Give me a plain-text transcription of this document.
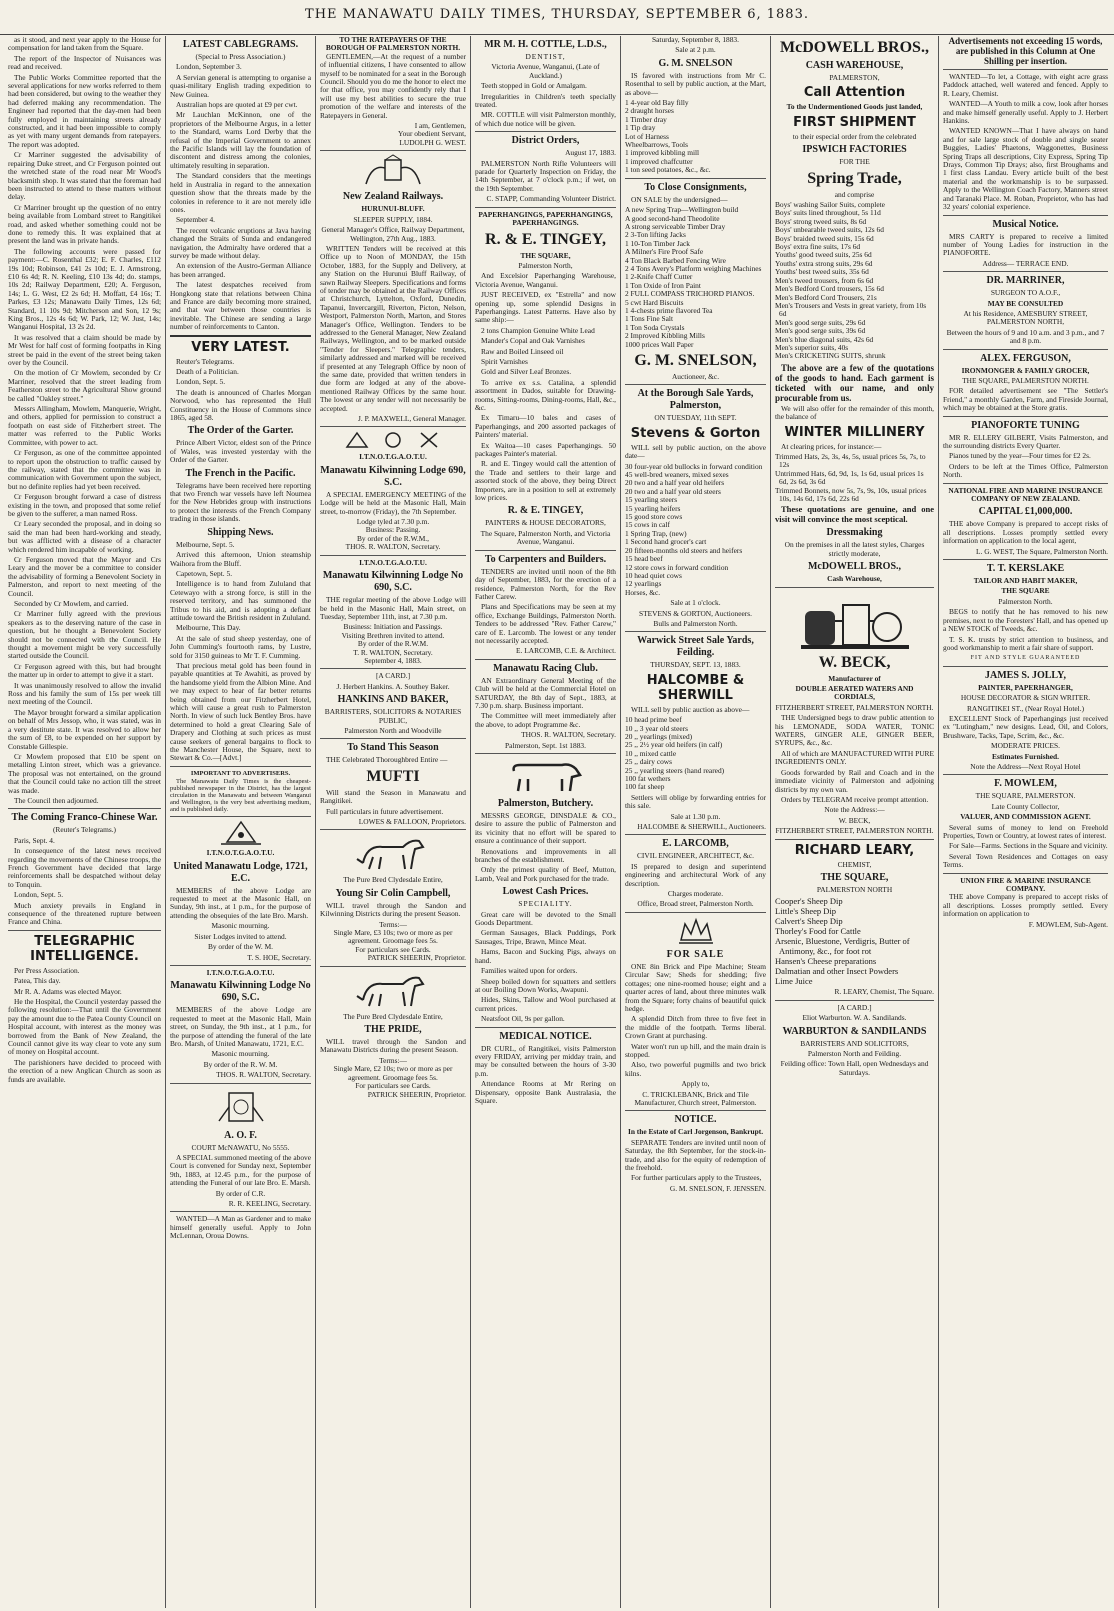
THE MANAWATU DAILY TIMES, THURSDAY, SEPTEMBER 6, 1883.

as it stood, and next year apply to the House for compensation for land taken from the Square.

The report of the Inspector of Nuisances was read and received.

The Public Works Committee reported that the several applications for new works referred to them had been considered, but owing to the weather they had deferred making any recommendation. The Engineer had reported that the day-men had been fully employed in maintaining streets already constructed, and it had been impossible to comply as yet with many urgent demands from ratepayers. The report was adopted.

Cr Marriner suggested the advisability of repairing Duke street, and Cr Ferguson pointed out the wretched state of the road near Mr Wood's blacksmith shop. It was stated that the foreman had been instructed to attend to these matters without delay.

Cr Marriner brought up the question of no entry being available from Lombard street to Rangitikei road, and asked whether something could not be done to remedy this. It was explained that at present the land was in private hands.

The following accounts were passed for payment:—C. Rosenthal £32; E. F. Charles, £112 19s 10d; Robinson, £41 2s 10d; E. J. Armstrong, £10 6s 4d; R. N. Keeling, £10 13s 4d; do. stamps, 10s 2d; Railway Department, £20; A. Ferguson, 14s; L. G. West, £2 2s 6d; H. Moffatt, £4 16s; T. Parkes, £3 12s; Manawatu Daily Times, 12s 6d; Standard, 11 10s 9d; Mitcherson and Son, 12 9s; King Bros., 12s 4s 6d; W. Park, 12; W. Just, 14s; Wanganui Hospital, 13 2s 2d.

It was resolved that a claim should be made by Mr West for half cost of forming footpaths in King street be paid in the event of the street being taken over by the Council.

On the motion of Cr Mowlem, seconded by Cr Marriner, resolved that the street leading from Featherston street to the Agricultural Show ground be called "Oakley street."

Messrs Allingham, Mowlem, Manquerie, Wright, and others, applied for permission to construct a footpath on east side of Fitzherbert street. The matter was referred to the Public Works Committee, with power to act.

Cr Ferguson, as one of the committee appointed to report upon the obstruction to traffic caused by the railway, stated that the committee was in communication with Government upon the subject, but no definite replies had yet been received.

Cr Ferguson brought forward a case of distress existing in the town, and proposed that some relief be given to the sufferer, a man named Ross.

Cr Leary seconded the proposal, and in doing so said the man had been hard-working and steady, but was afflicted with a disease of a character which rendered him incapable of working.

Cr Ferguson moved that the Mayor and Crs Leary and the mover be a committee to consider the advisability of forming a Benevolent Society in Palmerston, and report to next meeting of the Council.

Seconded by Cr Mowlem, and carried.

Cr Marriner fully agreed with the previous speakers as to the deserving nature of the case in question, but he thought a Benevolent Society should not be connected with the Council. He thought a movement might be very successfully started outside the Council.

Cr Ferguson agreed with this, but had brought the matter up in order to attempt to give it a start.

It was unanimously resolved to allow the invalid Ross and his family the sum of 15s per week till next meeting of the Council.

The Mayor brought forward a similar application on behalf of Mrs Jessop, who, it was stated, was in a very destitute state. It was resolved to allow her the sum of £8, to be expended on her support by Constable Gillespie.

Cr Mowlem proposed that £10 be spent on metalling Linton street, which was a grievance. The proposal was not entertained, on the ground that the Council could take no action till the street was made.

The Council then adjourned.

The Coming Franco-Chinese War.

(Reuter's Telegrams.)

Paris, Sept. 4.

In consequence of the latest news received regarding the movements of the Chinese troops, the French Government have decided that large reinforcements shall be despatched without delay to Tonquin.

London, Sept. 5.

Much anxiety prevails in England in consequence of the threatened rupture between France and China.

TELEGRAPHIC INTELLIGENCE.

Per Press Association.

Patea, This day.

Mr R. A. Adams was elected Mayor.

He the Hospital, the Council yesterday passed the following resolution:—That until the Government pay the amount due to the Patea County Council on Hospital account, with interest as the money was borrowed from the Bank of New Zealand, the Council cannot give its way clear to vote any sum of money on Hospital account.

The parishioners have decided to proceed with the erection of a new Anglican Church as soon as funds are available.

LATEST CABLEGRAMS.

(Special to Press Association.)

London, September 3.

A Servian general is attempting to organise a quasi-military English trading expedition to New Guinea.

Australian hops are quoted at £9 per cwt.

Mr Lauchlan McKinnon, one of the proprietors of the Melbourne Argus, in a letter to the Standard, warns Lord Derby that the refusal of the Imperial Government to annex the Pacific Islands will lay the foundation of discontent and distress among the colonies, ultimately resulting in separation.

The Standard considers that the meetings held in Australia in regard to the annexation question show that the threats made by the colonies in reference to it are not merely idle ones.

September 4.

The recent volcanic eruptions at Java having changed the Straits of Sunda and endangered navigation, the Admiralty have ordered that a survey be made without delay.

An extension of the Austro-German Alliance has been arranged.

The latest despatches received from Hongkong state that relations between China and France are daily becoming more strained, and that war between those countries is inevitable. The Chinese are sending a large number of reinforcements to Canton.

VERY LATEST.

Reuter's Telegrams.

Death of a Politician.

London, Sept. 5.

The death is announced of Charles Morgan Norwood, who has represented the Hull Constituency in the House of Commons since 1865, aged 58.

The Order of the Garter.

Prince Albert Victor, eldest son of the Prince of Wales, was invested yesterday with the Order of the Garter.

The French in the Pacific.

Telegrams have been received here reporting that two French war vessels have left Noumea for the New Hebrides group with instructions to protect the interests of the French Company trading in those islands.

Shipping News.

Melbourne, Sept. 5.

Arrived this afternoon, Union steamship Waihora from the Bluff.

Capetown, Sept. 5.

Intelligence is to hand from Zululand that Cetewayo with a strong force, is still in the reserved territory, and has summoned the Tribus to his aid, and is adopting a defiant attitude toward the British resident in Zululand.

Melbourne, This Day.

At the sale of stud sheep yesterday, one of John Cumming's fourtooth rams, by Lustre, sold for 3150 guineas to Mr T. F. Cumming.

That precious metal gold has been found in payable quantities at Te Awahiti, as proved by the handsome yield from the Albion Mine. And we may expect to hear of far better returns being obtained from our Fitzherbert Hotel, which will cause a great rush to Palmerston North. In view of such luck Bentley Bros. have determined to hold a great Clearing Sale of Drapery and Clothing at such prices as must cause seekers of general bargains to flock to the Manchester House, the Square, next to Stewart & Co.—[Advt.]

IMPORTANT TO ADVERTISERS.

The Manawatu Daily Times is the cheapest-published newspaper in the District, has the largest circulation in the Manawatu and between Wanganui and Wellington, is the very best advertising medium, and is published daily.

I.T.N.O.T.G.A.O.T.U.
United Manawatu Lodge, 1721, E.C.

MEMBERS of the above Lodge are requested to meet at the Masonic Hall, on Sunday, 9th inst., at 1 p.m., for the purpose of attending the obsequies of the late Bro. Marsh.

Masonic mourning.

Sister Lodges invited to attend.

By order of the W. M.

T. S. HOE, Secretary.

I.T.N.O.T.G.A.O.T.U.
Manawatu Kilwinning Lodge No 690, S.C.

MEMBERS of the above Lodge are requested to meet at the Masonic Hall, Main street, on Sunday, the 9th inst., at 1 p.m., for the purpose of attending the funeral of the late Bro. Marsh, of United Manawatu, 1721, E.C.

Masonic mourning.

By order of the R. W. M.

THOS. R. WALTON, Secretary.

A. O. F.

COURT McNAWATU, No 5555.

A SPECIAL summoned meeting of the above Court is convened for Sunday next, September 9th, 1883, at 12.45 p.m., for the purpose of attending the Funeral of our late Bro. E. Marsh.

By order of C.R.

R. R. KEELING, Secretary.

WANTED—A Man as Gardener and to make himself generally useful. Apply to John McLennan, Oroua Downs.

TO THE RATEPAYERS OF THE BOROUGH OF PALMERSTON NORTH.

GENTLEMEN,—At the request of a number of influential citizens, I have consented to allow myself to be nominated for a seat in the Borough Council. Should you do me the honor to elect me for that office, you may confidently rely that I will use my best abilities to secure the true promotion of the welfare and interests of the Ratepayers in General.

I am, Gentlemen,
Your obedient Servant,
LUDOLPH G. WEST.
New Zealand Railways.

HURUNUI-BLUFF.

SLEEPER SUPPLY, 1884.

General Manager's Office, Railway Department, Wellington, 27th Aug., 1883.

WRITTEN Tenders will be received at this Office up to Noon of MONDAY, the 15th October, 1883, for the Supply and Delivery, at any Station on the Hurunui Bluff Railway, of sawn Railway Sleepers. Specifications and forms of tender may be obtained at the Railway Offices at Christchurch, Lyttelton, Oxford, Dunedin, Tapanui, Invercargill, Riverton, Picton, Nelson, Westport, Palmerston North, Marton, and Stores Manager's Office, Wellington. Tenders to be addressed to the General Manager, New Zealand Railways, Wellington, and to be marked outside "Tender for Sleepers." Telegraphic tenders, similarly addressed and marked will be received if presented at any Telegraph Office by noon of the same date, provided that written tenders in due form are lodged at any of the above-mentioned Railway Offices by the same hour. The lowest or any tender will not necessarily be accepted.

J. P. MAXWELL, General Manager.

I.T.N.O.T.G.A.O.T.U.
Manawatu Kilwinning Lodge 690, S.C.

A SPECIAL EMERGENCY MEETING of the Lodge will be held at the Masonic Hall, Main street, to-morrow (Friday), the 7th September.

Lodge tyled at 7.30 p.m.
Business: Passing.
By order of the R.W.M.,
THOS. R. WALTON, Secretary.
I.T.N.O.T.G.A.O.T.U.
Manawatu Kilwinning Lodge No 690, S.C.

THE regular meeting of the above Lodge will be held in the Masonic Hall, Main street, on Tuesday, September 11th, inst, at 7.30 p.m.

Business: Initiation and Passings.
Visiting Brethren invited to attend.
By order of the R.W.M.
T. R. WALTON, Secretary.
September 4, 1883.

[A CARD.]

J. Herbert Hankins. A. Southey Baker.

HANKINS AND BAKER,

BARRISTERS, SOLICITORS & NOTARIES PUBLIC,

Palmerston North and Woodville

To Stand This Season

THE Celebrated Thoroughbred Entire —

MUFTI

Will stand the Season in Manawatu and Rangitikei.

Full particulars in future advertisement.

LOWES & FALLOON, Proprietors.

The Pure Bred Clydesdale Entire,

Young Sir Colin Campbell,

WILL travel through the Sandon and Kilwinning Districts during the present Season.

Terms:—
Single Mare, £3 10s; two or more as per agreement. Groomage fees 5s.
For particulars see Cards.

PATRICK SHEERIN, Proprietor.

The Pure Bred Clydesdale Entire,

THE PRIDE,

WILL travel through the Sandon and Manawatu Districts during the present Season.

Terms:—
Single Mare, £2 10s; two or more as per agreement. Groomage fees 5s.
For particulars see Cards.

PATRICK SHEERIN, Proprietor.

MR M. H. COTTLE, L.D.S.,

DENTIST,

Victoria Avenue, Wanganui, (Late of Auckland.)

Teeth stopped in Gold or Amalgam.

Irregularities in Children's teeth specially treated.

MR. COTTLE will visit Palmerston monthly, of which due notice will be given.

District Orders,

August 17, 1883.

PALMERSTON North Rifle Volunteers will parade for Quarterly Inspection on Friday, the 14th September, at 7 o'clock p.m.; if wet, on the 19th September.

C. STAPP, Commanding Volunteer District.

PAPERHANGINGS, PAPERHANGINGS, PAPERHANGINGS.

R. & E. TINGEY,

THE SQUARE,

Palmerston North,

And Excelsior Paperhanging Warehouse, Victoria Avenue, Wanganui.

JUST RECEIVED, ex "Estrella" and now opening up, some splendid Designs in Paperhangings. Latest Patterns. Have also by same ship:—

2 tons Champion Genuine White Lead

Mander's Copal and Oak Varnishes

Raw and Boiled Linseed oil

Spirit Varnishes

Gold and Silver Leaf Bronzes.

To arrive ex s.s. Catalina, a splendid assortment in Dados, suitable for Drawing-rooms, Sitting-rooms, Dining-rooms, Hall, &c., &c.

Ex Timaru—10 bales and cases of Paperhangings, and 200 assorted packages of Painters' material.

Ex Waitoa—10 cases Paperhangings. 50 packages Painter's material.

R. and E. Tingey would call the attention of the Trade and settlers to their large and assorted stock of the above, they being Direct Importers, are in a position to sell at extremely low prices.

R. & E. TINGEY,

PAINTERS & HOUSE DECORATORS,

The Square, Palmerston North, and Victoria Avenue, Wanganui.

To Carpenters and Builders.

TENDERS are invited until noon of the 8th day of September, 1883, for the erection of a residence, Palmerston North, for the Rev Father Carew.

Plans and Specifications may be seen at my office, Exchange Buildings, Palmerston North. Tenders to be addressed "Rev. Father Carew," care of E. Larcomb. The lowest or any tender not necessarily accepted.

E. LARCOMB, C.E. & Architect.

Manawatu Racing Club.

AN Extraordinary General Meeting of the Club will be held at the Commercial Hotel on SATURDAY, the 8th day of Sept., 1883, at 7.30 p.m. sharp. Business important.

The Committee will meet immediately after the above, to adopt Programme &c.

THOS. R. WALTON, Secretary.

Palmerston, Sept. 1st 1883.

Palmerston, Butchery.

MESSRS GEORGE, DINSDALE & CO., desire to assure the public of Palmerston and its vicinity that no effort will be spared to ensure a continuance of their support.

Renovations and improvements in all branches of the establishment.

Only the primest quality of Beef, Mutton, Lamb, Veal and Pork purchased for the trade.

Lowest Cash Prices.

SPECIALITY.

Great care will be devoted to the Small Goods Department.

German Sausages, Black Puddings, Pork Sausages, Tripe, Brawn, Mince Meat.

Hams, Bacon and Sucking Pigs, always on hand.

Families waited upon for orders.

Sheep boiled down for squatters and settlers at our Boiling Down Works, Awapuni.

Hides, Skins, Tallow and Wool purchased at current prices.

Neatsfoot Oil, 9s per gallon.

MEDICAL NOTICE.

DR CURL, of Rangitikei, visits Palmerston every FRIDAY, arriving per midday train, and may be consulted between the hours of 3-30 p.m.

Attendance Rooms at Mr Rering on Dispensary, opposite Bank Australasia, the Square.

Saturday, September 8, 1883.

Sale at 2 p.m.

G. M. SNELSON

IS favored with instructions from Mr C. Rosenthal to sell by public auction, at the Mart, as above—

1 4-year old Bay filly
2 draught horses
1 Timber dray
1 Tip dray
Lot of Harness
Wheelbarrows, Tools
1 improved kibbling mill
1 improved chaffcutter
1 ton seed potatoes, &c., &c.
To Close Consignments,

ON SALE by the undersigned—

A new Spring Trap—Wellington build
A good second-hand Theodolite
A strong serviceable Timber Dray
2 3-Ton lifting Jacks
1 10-Ton Timber Jack
A Milner's Fire Proof Safe
4 Ton Black Barbed Fencing Wire
2 4 Tons Avery's Platform weighing Machines
1 2-Knife Chaff Cutter
1 Ton Oxide of Iron Paint
2 FULL COMPASS TRICHORD PIANOS.
5 cwt Hard Biscuits
1 4-chests prime flavored Tea
1 Tons Fine Salt
1 Ton Soda Crystals
2 Improved Kibbling Mills
1000 prices Wall Paper
G. M. SNELSON,

Auctioneer, &c.

At the Borough Sale Yards, Palmerston,

ON TUESDAY, 11th SEPT.

Stevens & Gorton

WILL sell by public auction, on the above date—

30 four-year old bullocks in forward condition
45 well-bred weaners, mixed sexes
20 two and a half year old heifers
20 two and a half year old steers
15 yearling steers
15 yearling heifers
15 good store cows
15 cows in calf
1 Spring Trap, (new)
1 Second hand grocer's cart
20 fifteen-months old steers and heifers
15 head beef
12 store cows in forward condition
10 head quiet cows
12 yearlings
Horses, &c.

Sale at 1 o'clock.

STEVENS & GORTON, Auctioneers.

Bulls and Palmerston North.

Warwick Street Sale Yards, Feilding.

THURSDAY, SEPT. 13, 1883.

HALCOMBE & SHERWILL

WILL sell by public auction as above—

10 head prime beef
10 ,, 3 year old steers
20 ,, yearlings (mixed)
25 ,, 2½ year old heifers (in calf)
10 ,, mixed cattle
25 ,, dairy cows
25 ,, yearling steers (hand reared)
100 fat wethers
100 fat sheep

Settlers will oblige by forwarding entries for this sale.

Sale at 1.30 p.m.

HALCOMBE & SHERWILL, Auctioneers.

E. LARCOMB,

CIVIL ENGINEER, ARCHITECT, &c.

IS prepared to design and superintend engineering and architectural Work of any description.

Charges moderate.

Office, Broad street, Palmerston North.

FOR SALE

ONE 8in Brick and Pipe Machine; Steam Circular Saw; Sheds for shedding; five cottages; one nine-roomed house; eight and a quarter acres of land, about three minutes walk from the Square; forty chains of beautiful quick hedge.

A splendid Ditch from three to five feet in the middle of the footpath. Terms liberal. Crown Grant at purchasing.

Water won't run up hill, and the main drain is stopped.

Also, two powerful pugmills and two brick kilns.

Apply to,

C. TRICKLEBANK, Brick and Tile Manufacturer, Church street, Palmerston.

NOTICE.

In the Estate of Carl Jorgenson, Bankrupt.

SEPARATE Tenders are invited until noon of Saturday, the 8th September, for the stock-in-trade, and also for the equity of redemption of the freehold.

For further particulars apply to the Trustees,

G. M. SNELSON, F. JENSSEN.

McDOWELL BROS.,
CASH WAREHOUSE,

PALMERSTON,

Call Attention

To the Undermentioned Goods just landed,

FIRST SHIPMENT

to their especial order from the celebrated

IPSWICH FACTORIES

FOR THE

Spring Trade,

and comprise

Boys' washing Sailor Suits, complete
Boys' suits lined throughout, 5s 11d
Boys' strong tweed suits, 8s 6d
Boys' unbearable tweed suits, 12s 6d
Boys' braided tweed suits, 15s 6d
Boys' extra fine suits, 17s 6d
Youths' good tweed suits, 25s 6d
Youths' extra strong suits, 29s 6d
Youths' best tweed suits, 35s 6d
Men's tweed trousers, from 6s 6d
Men's Bedford Cord trousers, 15s 6d
Men's Bedford Cord Trousers, 21s
Men's Trousers and Vests in great variety, from 10s 6d
Men's good serge suits, 29s 6d
Men's good serge suits, 39s 6d
Men's blue diagonal suits, 42s 6d
Men's superior suits, 40s
Men's CRICKETING SUITS, shrunk

The above are a few of the quotations of the goods to hand. Each garment is ticketed with our name, and only procurable from us.

We will also offer for the remainder of this month, the balance of

WINTER MILLINERY

At clearing prices, for instance:—

Trimmed Hats, 2s, 3s, 4s, 5s, usual prices 5s, 7s, to 12s
Untrimmed Hats, 6d, 9d, 1s, 1s 6d, usual prices 1s 6d, 2s 6d, 3s 6d
Trimmed Bonnets, now 5s, 7s, 9s, 10s, usual prices 10s, 14s 6d, 17s 6d, 22s 6d

These quotations are genuine, and one visit will convince the most sceptical.

Dressmaking

On the premises in all the latest styles, Charges strictly moderate,

McDOWELL BROS.,

Cash Warehouse,

W. BECK,

Manufacturer of

DOUBLE AERATED WATERS AND CORDIALS,

FITZHERBERT STREET, PALMERSTON NORTH.

THE Undersigned begs to draw public attention to his LEMONADE, SODA WATER, TONIC WATERS, GINGER ALE, GINGER BEER, SYRUPS, &c., &c.

All of which are MANUFACTURED WITH PURE INGREDIENTS ONLY.

Goods forwarded by Rail and Coach and in the immediate vicinity of Palmerston and adjoining districts by my own van.

Orders by TELEGRAM receive prompt attention.

Note the Address:—

W. BECK,

FITZHERBERT STREET, PALMERSTON NORTH.

RICHARD LEARY,

CHEMIST,

THE SQUARE,

PALMERSTON NORTH

Cooper's Sheep Dip
Little's Sheep Dip
Calvert's Sheep Dip
Thorley's Food for Cattle
Arsenic, Bluestone, Verdigris, Butter of Antimony, &c., for foot rot
Hansen's Cheese preparations
Dalmatian and other Insect Powders
Lime Juice

R. LEARY, Chemist, The Square.

[A CARD.]

Eliot Warburton. W. A. Sandilands.

WARBURTON & SANDILANDS

BARRISTERS AND SOLICITORS,

Palmerston North and Feilding.

Feilding office: Town Hall, open Wednesdays and Saturdays.

Advertisements not exceeding 15 words, are published in this Column at One Shilling per insertion.

WANTED—To let, a Cottage, with eight acre grass Paddock attached, well watered and fenced. Apply to R. Leary, Chemist.

WANTED—A Youth to milk a cow, look after horses and make himself generally useful. Apply to J. Herbert Hankins.

WANTED KNOWN—That I have always on hand and for sale large stock of double and single seater Buggies, Ladies' Phaetons, Waggonettes, Business Spring Traps all descriptions, City Express, Spring Tip Drays, Common Tip Drays; also, first Broughams and 1 first class Landau. Every article built of the best material and the workmanship is to be surpassed. Apply to the Wellington Coach Factory, Manners street and Taranaki Place. M. Roban, Proprietor, who has had 32 years' colonial experience.

Musical Notice.

MRS CARTY is prepared to receive a limited number of Young Ladies for instruction in the PIANOFORTE.

Address— TERRACE END.

DR. MARRINER,

SURGEON TO A.O.F.,

MAY BE CONSULTED

At his Residence, AMESBURY STREET, PALMERSTON NORTH,

Between the hours of 9 and 10 a.m. and 3 p.m., and 7 and 8 p.m.

ALEX. FERGUSON,

IRONMONGER & FAMILY GROCER,

THE SQUARE, PALMERSTON NORTH.

FOR detailed advertisement see "The Settler's Friend," a monthly Garden, Farm, and Fireside Journal, which may be obtained at the Store gratis.

PIANOFORTE TUNING

MR R. ELLERY GILBERT, Visits Palmerston, and the surrounding districts Every Quarter.

Pianos tuned by the year—Four times for £2 2s.

Orders to be left at the Times Office, Palmerston North.

NATIONAL FIRE AND MARINE INSURANCE COMPANY OF NEW ZEALAND.
CAPITAL £1,000,000.

THE above Company is prepared to accept risks of all descriptions. Losses promptly settled every information on application to the local agent,

L. G. WEST, The Square, Palmerston North.

T. T. KERSLAKE

TAILOR AND HABIT MAKER,

THE SQUARE

Palmerston North.

BEGS to notify that he has removed to his new premises, next to the Foresters' Hall, and has opened up a NEW STOCK of Tweeds, &c.

T. S. K. trusts by strict attention to business, and good workmanship to merit a fair share of support.

FIT AND STYLE GUARANTEED

JAMES S. JOLLY,

PAINTER, PAPERHANGER,

HOUSE DECORATOR & SIGN WRITER.

RANGITIKEI ST., (Near Royal Hotel.)

EXCELLENT Stock of Paperhangings just received ex "Lutingham," new designs. Lead, Oil, and Colors, Brushware, Tacks, Tape, Scrim, &c., &c.

MODERATE PRICES.

Estimates Furnished.

Note the Address—Next Royal Hotel

F. MOWLEM,

THE SQUARE, PALMERSTON.

Late County Collector,

VALUER, AND COMMISSION AGENT.

Several sums of money to lend on Freehold Properties, Town or Country, at lowest rates of interest.

For Sale—Farms. Sections in the Square and vicinity.

Several Town Residences and Cottages on easy Terms.

UNION FIRE & MARINE INSURANCE COMPANY.

THE above Company is prepared to accept risks of all descriptions. Losses promptly settled. Every information on application to

F. MOWLEM, Sub-Agent.
